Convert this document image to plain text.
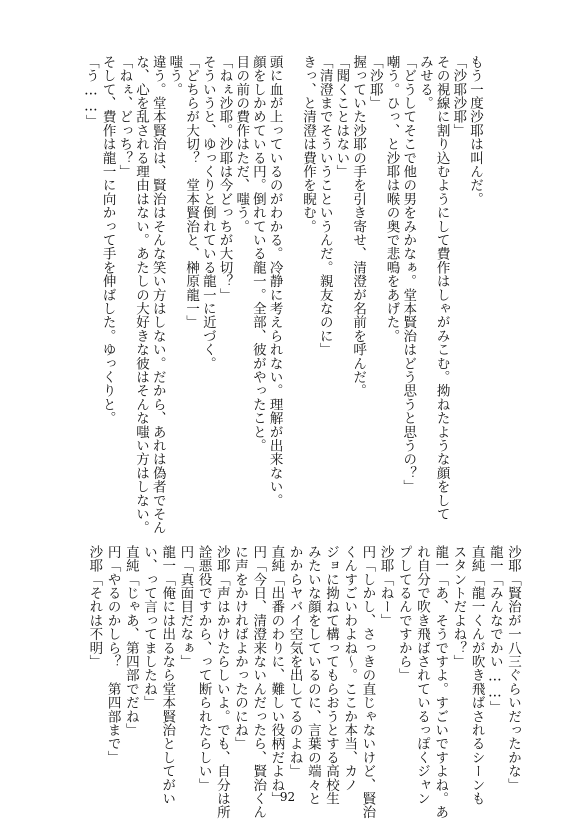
もう一度沙耶は叫んだ。
「沙耶沙耶」
その視線に割り込むようにして費作はしゃがみこむ。拗ねたような顔をして
みせる。
「どうしてそこで他の男をみかなぁ。堂本賢治はどう思うと思うの？」
嘲う。ひっ、と沙耶は喉の奥で悲鳴をあげた。
「沙耶」
握っていた沙耶の手を引き寄せ、清澄が名前を呼んだ。
「聞くことはない」
「清澄までそういうこというんだ。親友なのに」
きっ、と清澄は費作を睨む。
頭に血が上っているのがわかる。冷静に考えられない。理解が出来ない。
顔をしかめている円。倒れている龍一。全部、彼がやったこと。
目の前の費作はただ、嗤う。
「ねぇ沙耶。沙耶は今どっちが大切？」
そういうと、ゆっくりと倒れている龍一に近づく。
「どちらが大切？　堂本賢治と、榊原龍一」
嗤う。
違う。堂本賢治は、賢治はそんな笑い方はしない。だから、あれは偽者でそん
な、心を乱される理由はない。あたしの大好きな彼はそんな嗤い方はしない。
「ねぇ、どっち？」
そして、費作は龍一に向かって手を伸ばした。ゆっくりと。
「う……」
沙耶「賢治が一八三ぐらいだったかな」
龍一「みんなでかい……」
直純「龍一くんが吹き飛ばされるシーンも
スタントだよね？」
龍一「あ、そうですよ。すごいですよね。あ
れ自分で吹き飛ばされているっぽくジャン
プしてるんですから」
沙耶「ねー」
円「しかし、さっきの直じゃないけど、賢治
くんすごいわよね〜。ここか本当、カノ
ジョに拗ねて構ってもらおうとする高校生
みたいな顔をしているのに、言葉の端々と
かからヤバイ空気を出してるのよね」
直純「出番のわりに、難しい役柄だよね」
円「今日、清澄来ないんだったら、賢治くん
に声をかければよかったのにね」
沙耶「声はかけたらしいよ。でも、自分は所
詮悪役ですから、って断られたらしい」
円「真面目だなぁ」
龍一「俺には出るなら堂本賢治としてがい
い、って言ってましたね」
直純「じゃあ、第四部でだね」
円「やるのかしら？　第四部まで」
沙耶「それは不明」
92
